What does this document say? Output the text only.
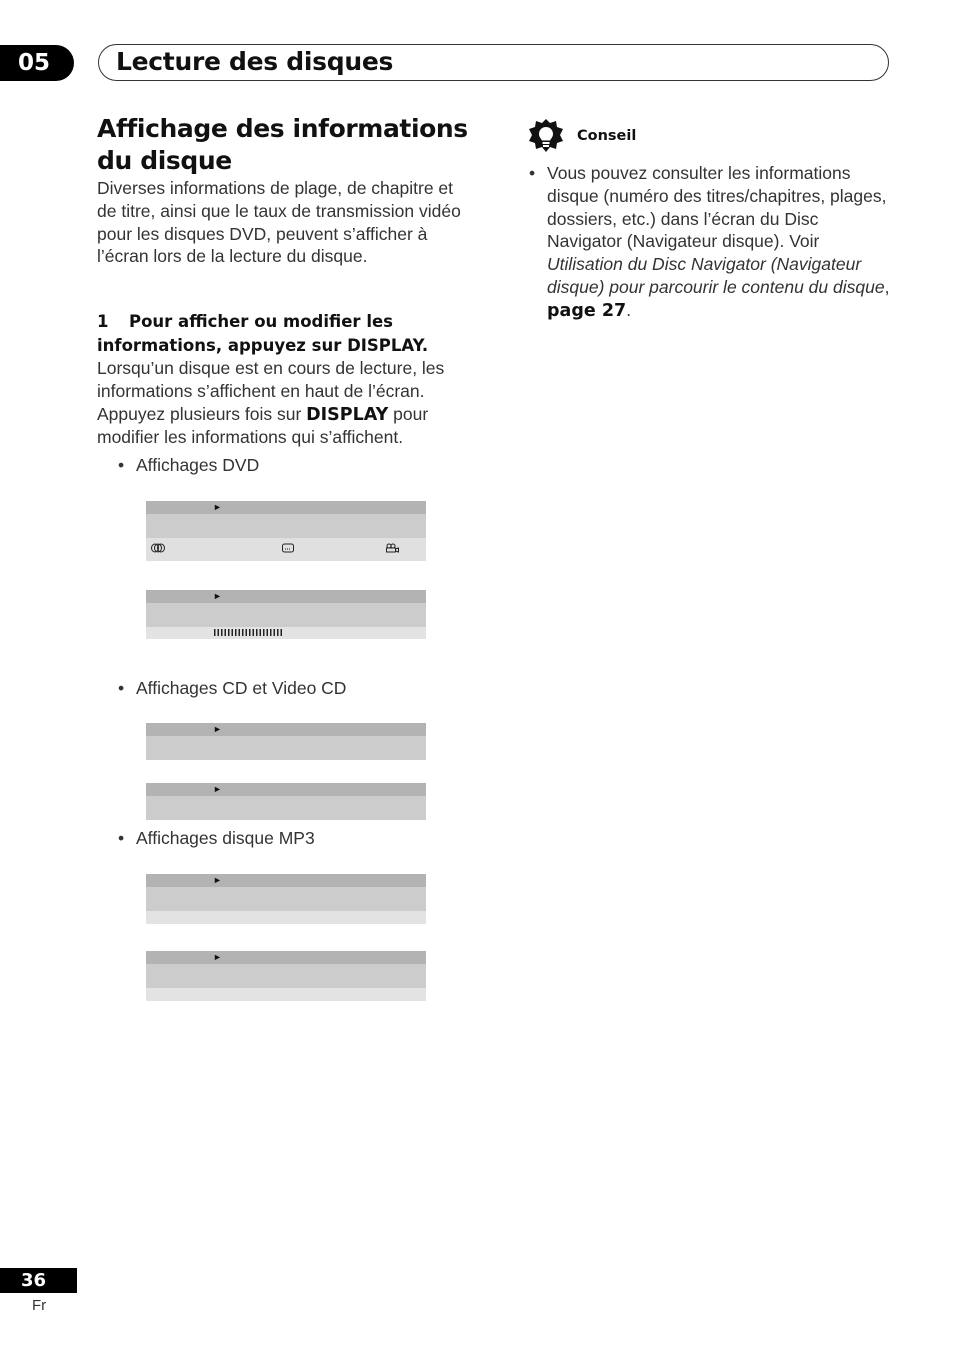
05	Lecture des disques
Affichage des informations du disque
Diverses informations de plage, de chapitre et de titre, ainsi que le taux de transmission vidéo pour les disques DVD, peuvent s’afficher à l’écran lors de la lecture du disque.
1 Pour afficher ou modifier les informations, appuyez sur DISPLAY.
Lorsqu’un disque est en cours de lecture, les informations s’affichent en haut de l’écran. Appuyez plusieurs fois sur DISPLAY pour modifier les informations qui s’affichent.
• Affichages DVD
►
►
• Affichages CD et Video CD
►
►
• Affichages disque MP3
►
►
Conseil
• Vous pouvez consulter les informations disque (numéro des titres/chapitres, plages, dossiers, etc.) dans l’écran du Disc Navigator (Navigateur disque). Voir Utilisation du Disc Navigator (Navigateur disque) pour parcourir le contenu du disque, page 27.
36
Fr
